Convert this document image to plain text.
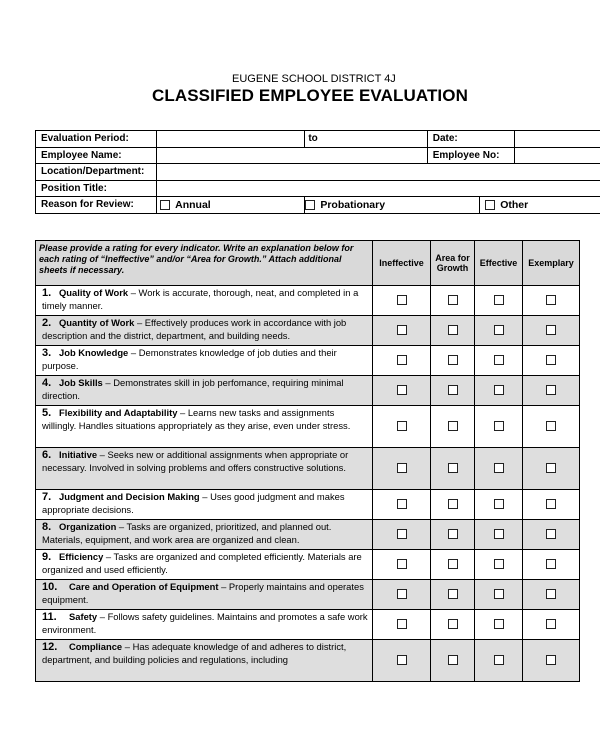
EUGENE SCHOOL DISTRICT 4J
CLASSIFIED EMPLOYEE EVALUATION
Evaluation Period:		to	Date:		
Employee Name:			Employee No:		
Location/Department:					
Position Title:					
Reason for Review:	Annual	Probationary		Other	
Please provide a rating for every indicator. Write an explanation below for each rating of “Ineffective” and/or “Area for Growth.” Attach additional sheets if necessary.	Ineffective	Area for Growth	Effective	Exemplary
1. Quality of Work – Work is accurate, thorough, neat, and completed in a timely manner.				
2. Quantity of Work – Effectively produces work in accordance with job description and the district, department, and building needs.				
3. Job Knowledge – Demonstrates knowledge of job duties and their purpose.				
4. Job Skills – Demonstrates skill in job perfomance, requiring minimal direction.				
5. Flexibility and Adaptability – Learns new tasks and assignments willingly. Handles situations appropriately as they arise, even under stress.				
6. Initiative – Seeks new or additional assignments when appropriate or necessary. Involved in solving problems and offers constructive solutions.				
7. Judgment and Decision Making – Uses good judgment and makes appropriate decisions.				
8. Organization – Tasks are organized, prioritized, and planned out. Materials, equipment, and work area are organized and clean.				
9. Efficiency – Tasks are organized and completed efficiently. Materials are organized and used efficiently.				
10. Care and Operation of Equipment – Properly maintains and operates equipment.				
11. Safety – Follows safety guidelines. Maintains and promotes a safe work environment.				
12. Compliance – Has adequate knowledge of and adheres to district, department, and building policies and regulations, including				
